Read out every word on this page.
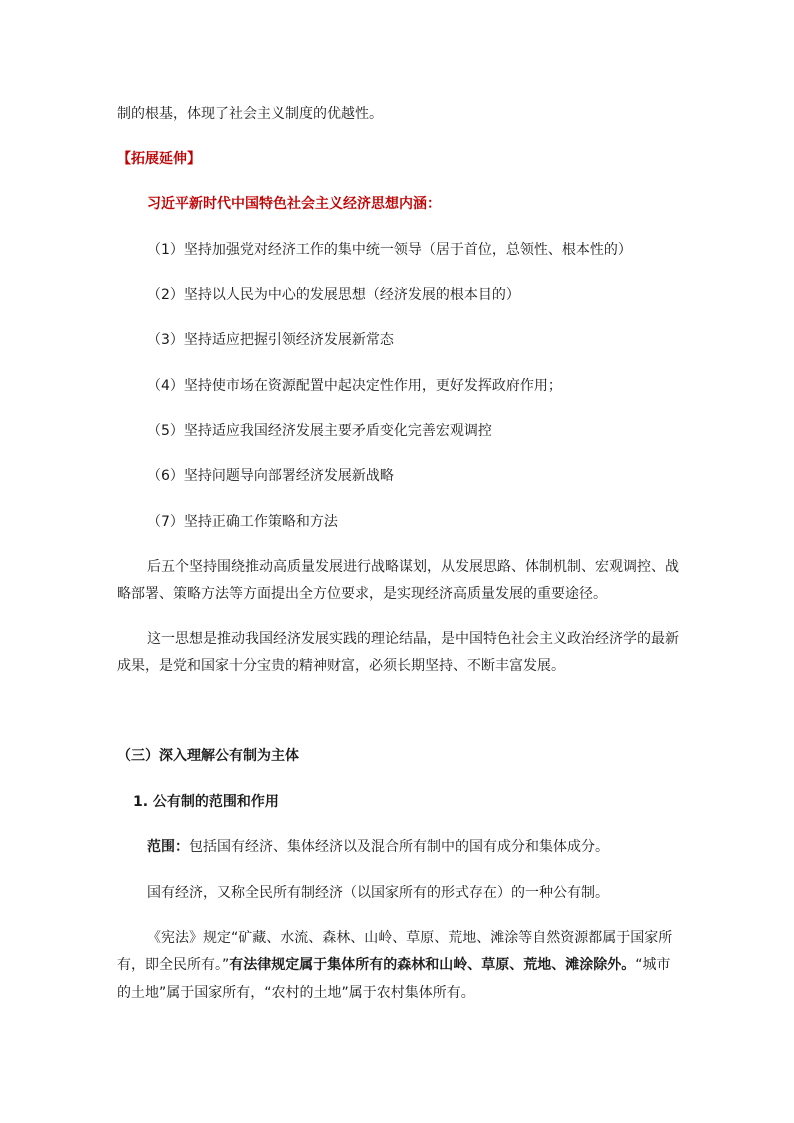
制的根基，体现了社会主义制度的优越性。
【拓展延伸】
习近平新时代中国特色社会主义经济思想内涵：
（1）坚持加强党对经济工作的集中统一领导（居于首位，总领性、根本性的）
（2）坚持以人民为中心的发展思想（经济发展的根本目的）
（3）坚持适应把握引领经济发展新常态
（4）坚持使市场在资源配置中起决定性作用，更好发挥政府作用；
（5）坚持适应我国经济发展主要矛盾变化完善宏观调控
（6）坚持问题导向部署经济发展新战略
（7）坚持正确工作策略和方法
后五个坚持围绕推动高质量发展进行战略谋划，从发展思路、体制机制、宏观调控、战
略部署、策略方法等方面提出全方位要求，是实现经济高质量发展的重要途径。
这一思想是推动我国经济发展实践的理论结晶，是中国特色社会主义政治经济学的最新
成果，是党和国家十分宝贵的精神财富，必须长期坚持、不断丰富发展。
（三）深入理解公有制为主体
1. 公有制的范围和作用
范围：包括国有经济、集体经济以及混合所有制中的国有成分和集体成分。
国有经济，又称全民所有制经济（以国家所有的形式存在）的一种公有制。
《宪法》规定“矿藏、水流、森林、山岭、草原、荒地、滩涂等自然资源都属于国家所
有，即全民所有。”有法律规定属于集体所有的森林和山岭、草原、荒地、滩涂除外。“城市
的土地”属于国家所有，“农村的土地”属于农村集体所有。
